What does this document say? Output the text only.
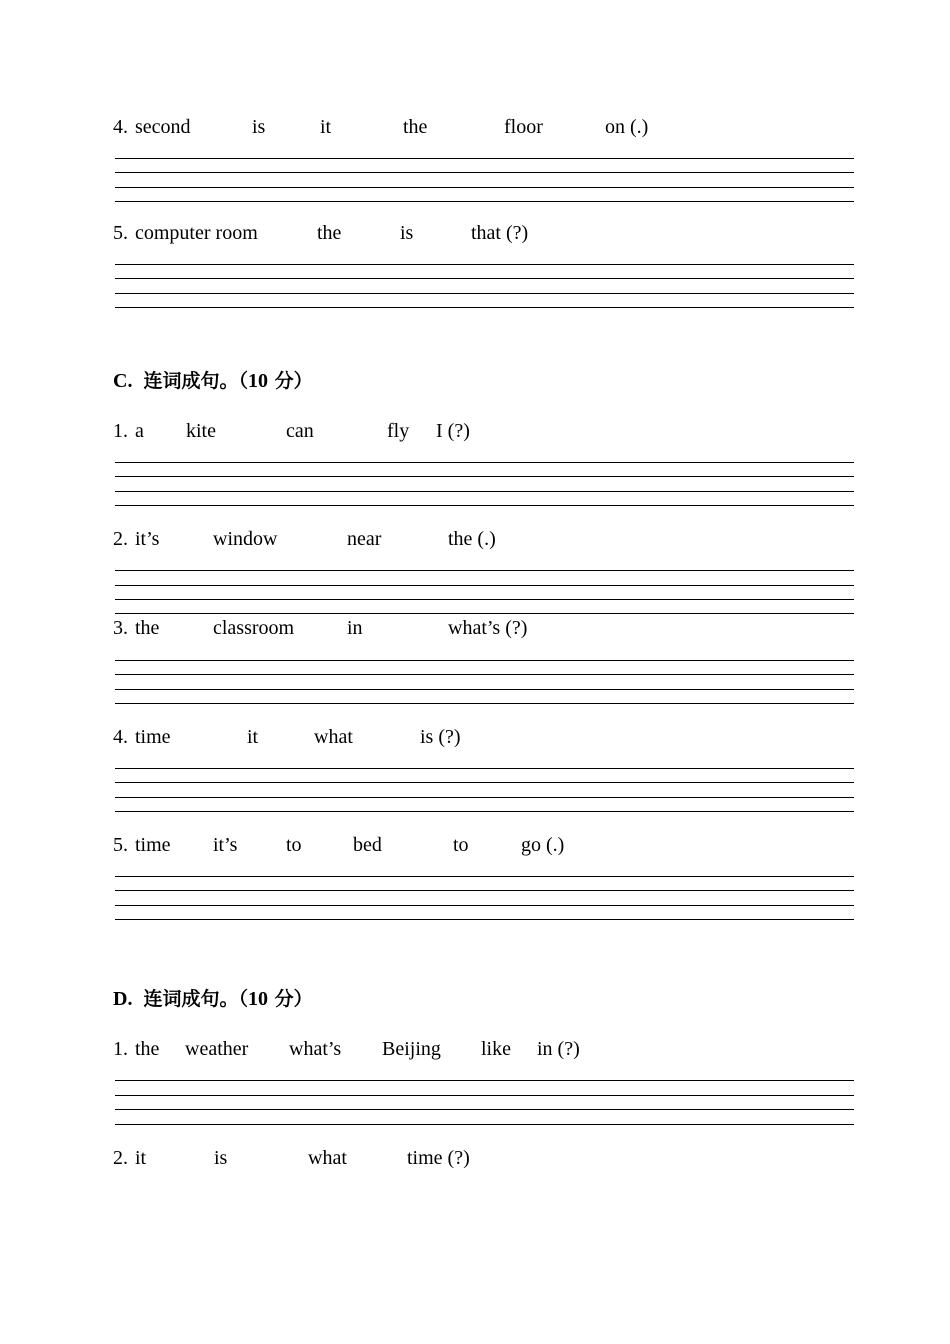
4. second	is	it	the	floor	on (.)
5. computer room	the	is	that (?)
C. 连词成句。（10 分）
1. a kite	can	fly I (?)
2. it’s	window	near	the (.)
3. the	classroom	in	what’s (?)
4. time	it	what	is (?)
5. time it’s to	bed	to	go (.)
D. 连词成句。（10 分）
1. the weather what’s Beijing like in (?)
2. it	is	what	time (?)
